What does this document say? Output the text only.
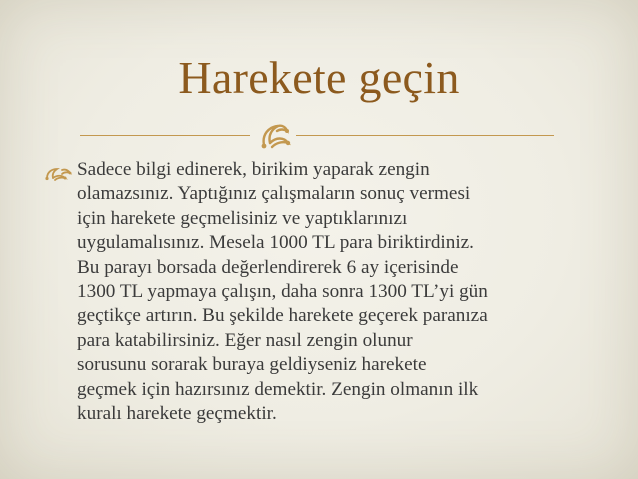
Harekete geçin

Sadece bilgi edinerek, birikim yaparak zengin
olamazsınız. Yaptığınız çalışmaların sonuç vermesi
için harekete geçmelisiniz ve yaptıklarınızı
uygulamalısınız. Mesela 1000 TL para biriktirdiniz.
Bu parayı borsada değerlendirerek 6 ay içerisinde
1300 TL yapmaya çalışın, daha sonra 1300 TL’yi gün
geçtikçe artırın. Bu şekilde harekete geçerek paranıza
para katabilirsiniz. Eğer nasıl zengin olunur
sorusunu sorarak buraya geldiyseniz harekete
geçmek için hazırsınız demektir. Zengin olmanın ilk
kuralı harekete geçmektir.
